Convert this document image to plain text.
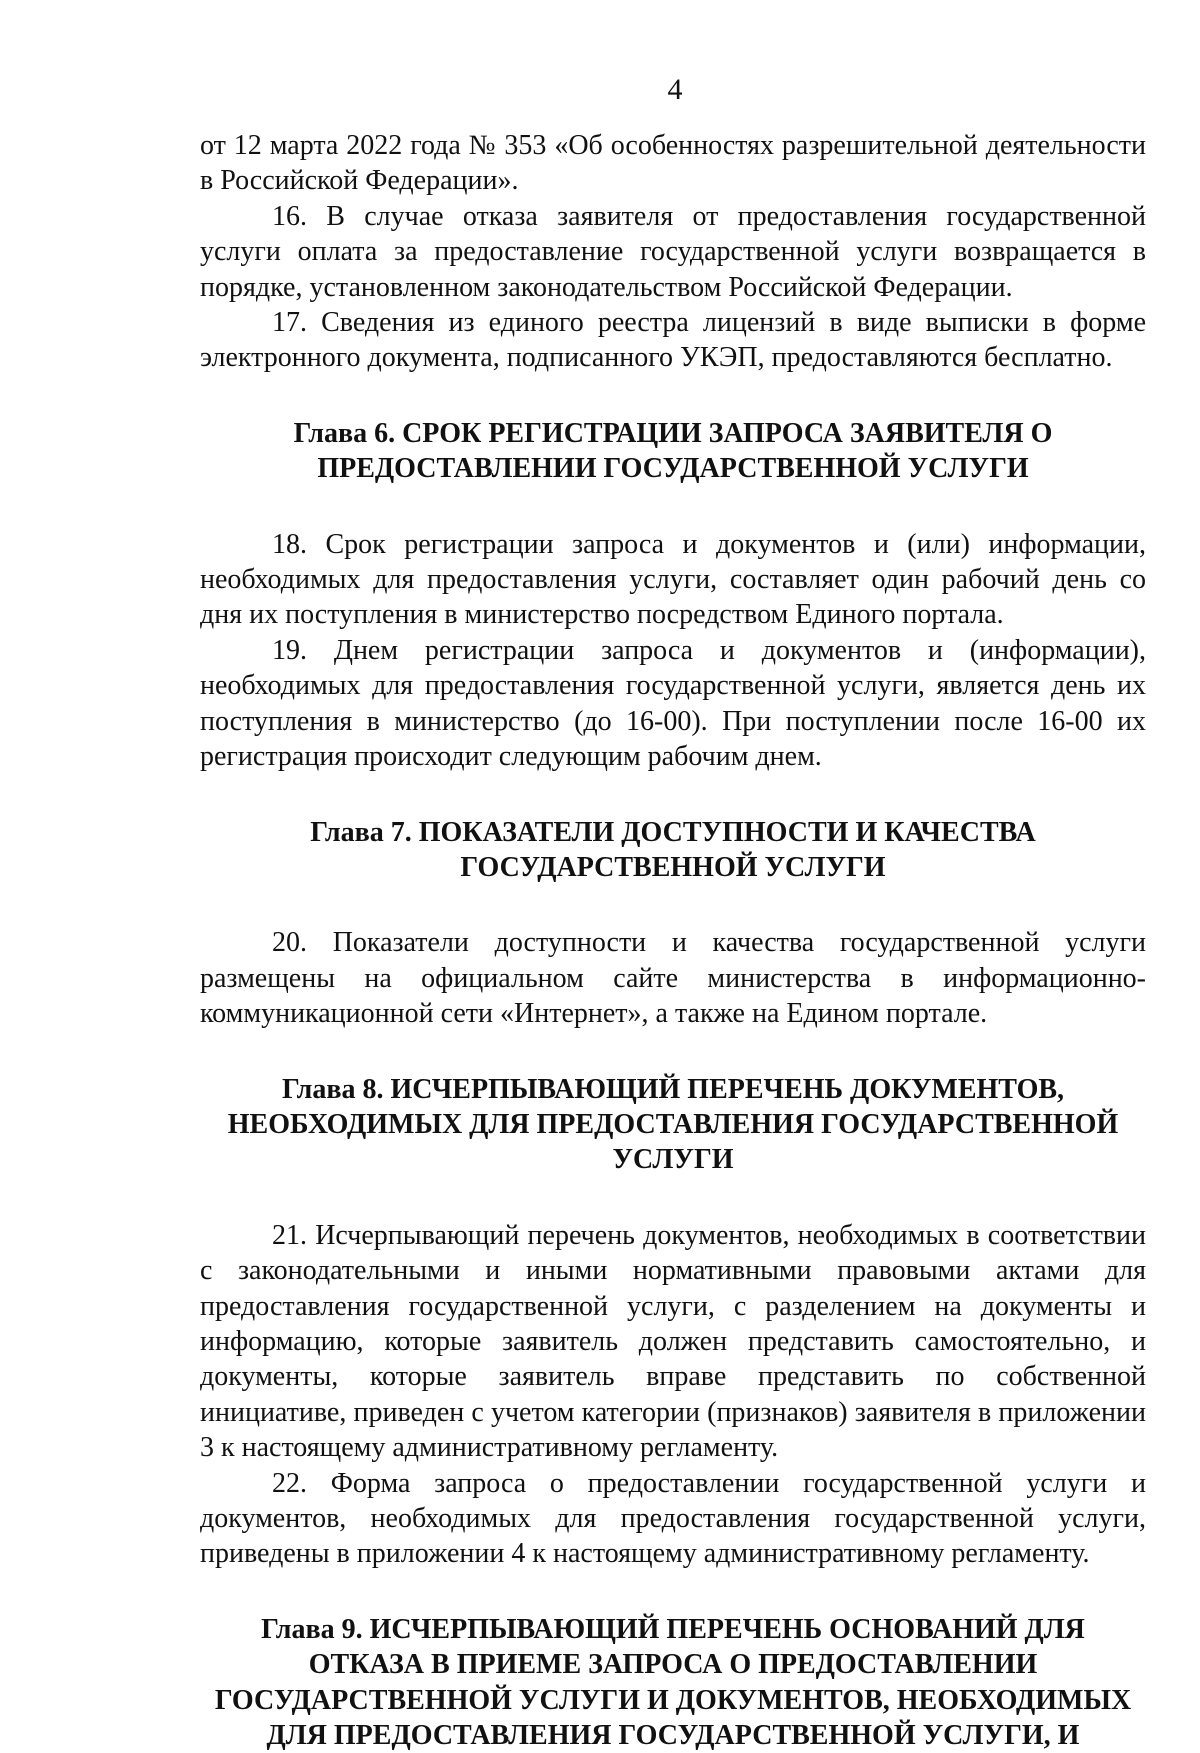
4

от 12 марта 2022 года № 353 «Об особенностях разрешительной деятельности в Российской Федерации».

16. В случае отказа заявителя от предоставления государственной услуги оплата за предоставление государственной услуги возвращается в порядке, установленном законодательством Российской Федерации.

17. Сведения из единого реестра лицензий в виде выписки в форме электронного документа, подписанного УКЭП, предоставляются бесплатно.

Глава 6. СРОК РЕГИСТРАЦИИ ЗАПРОСА ЗАЯВИТЕЛЯ О
ПРЕДОСТАВЛЕНИИ ГОСУДАРСТВЕННОЙ УСЛУГИ

18. Срок регистрации запроса и документов и (или) информации, необходимых для предоставления услуги, составляет один рабочий день со дня их поступления в министерство посредством Единого портала.

19. Днем регистрации запроса и документов и (информации), необходимых для предоставления государственной услуги, является день их поступления в министерство (до 16-00). При поступлении после 16-00 их регистрация происходит следующим рабочим днем.

Глава 7. ПОКАЗАТЕЛИ ДОСТУПНОСТИ И КАЧЕСТВА
ГОСУДАРСТВЕННОЙ УСЛУГИ

20. Показатели доступности и качества государственной услуги размещены на официальном сайте министерства в информационно-коммуникационной сети «Интернет», а также на Едином портале.

Глава 8. ИСЧЕРПЫВАЮЩИЙ ПЕРЕЧЕНЬ ДОКУМЕНТОВ,
НЕОБХОДИМЫХ ДЛЯ ПРЕДОСТАВЛЕНИЯ ГОСУДАРСТВЕННОЙ
УСЛУГИ

21. Исчерпывающий перечень документов, необходимых в соответствии с законодательными и иными нормативными правовыми актами для предоставления государственной услуги, с разделением на документы и информацию, которые заявитель должен представить самостоятельно, и документы, которые заявитель вправе представить по собственной инициативе, приведен с учетом категории (признаков) заявителя в приложении 3 к настоящему административному регламенту.

22. Форма запроса о предоставлении государственной услуги и документов, необходимых для предоставления государственной услуги, приведены в приложении 4 к настоящему административному регламенту.

Глава 9. ИСЧЕРПЫВАЮЩИЙ ПЕРЕЧЕНЬ ОСНОВАНИЙ ДЛЯ
ОТКАЗА В ПРИЕМЕ ЗАПРОСА О ПРЕДОСТАВЛЕНИИ
ГОСУДАРСТВЕННОЙ УСЛУГИ И ДОКУМЕНТОВ, НЕОБХОДИМЫХ
ДЛЯ ПРЕДОСТАВЛЕНИЯ ГОСУДАРСТВЕННОЙ УСЛУГИ, И
